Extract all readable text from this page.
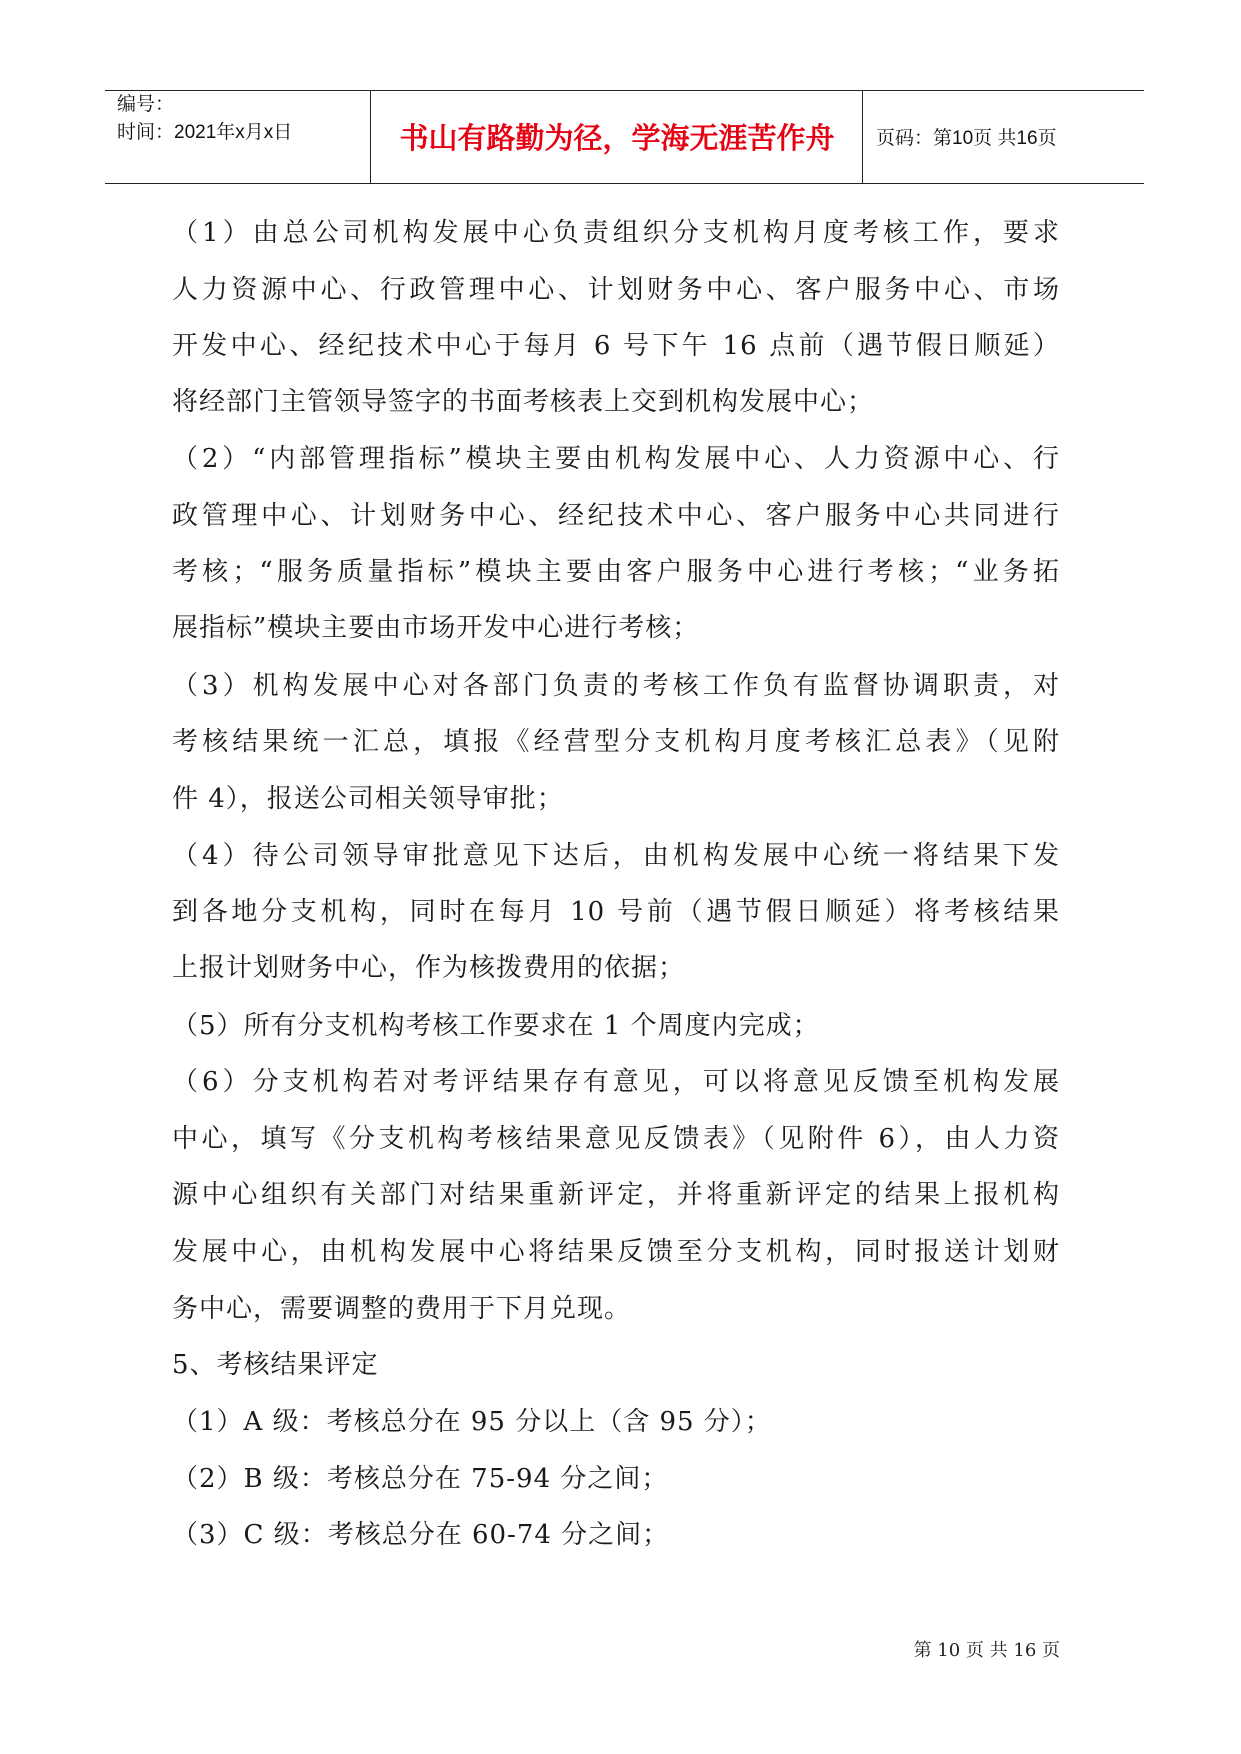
编号：
时间：2021年x月x日	书山有路勤为径，学海无涯苦作舟	页码：第10页 共16页
（1）由总公司机构发展中心负责组织分支机构月度考核工作，要求
人力资源中心、行政管理中心、计划财务中心、客户服务中心、市场
开发中心、经纪技术中心于每月 6 号下午 16 点前（遇节假日顺延）
将经部门主管领导签字的书面考核表上交到机构发展中心；
（2）“内部管理指标”模块主要由机构发展中心、人力资源中心、行
政管理中心、计划财务中心、经纪技术中心、客户服务中心共同进行
考核；“服务质量指标”模块主要由客户服务中心进行考核；“业务拓
展指标”模块主要由市场开发中心进行考核；
（3）机构发展中心对各部门负责的考核工作负有监督协调职责，对
考核结果统一汇总，填报《经营型分支机构月度考核汇总表》（见附
件 4），报送公司相关领导审批；
（4）待公司领导审批意见下达后，由机构发展中心统一将结果下发
到各地分支机构，同时在每月 10 号前（遇节假日顺延）将考核结果
上报计划财务中心，作为核拨费用的依据；
（5）所有分支机构考核工作要求在 1 个周度内完成；
（6）分支机构若对考评结果存有意见，可以将意见反馈至机构发展
中心，填写《分支机构考核结果意见反馈表》（见附件 6），由人力资
源中心组织有关部门对结果重新评定，并将重新评定的结果上报机构
发展中心，由机构发展中心将结果反馈至分支机构，同时报送计划财
务中心，需要调整的费用于下月兑现。
5、考核结果评定
（1）A 级：考核总分在 95 分以上（含 95 分）；
（2）B 级：考核总分在 75-94 分之间；
（3）C 级：考核总分在 60-74 分之间；
第 10 页 共 16 页
